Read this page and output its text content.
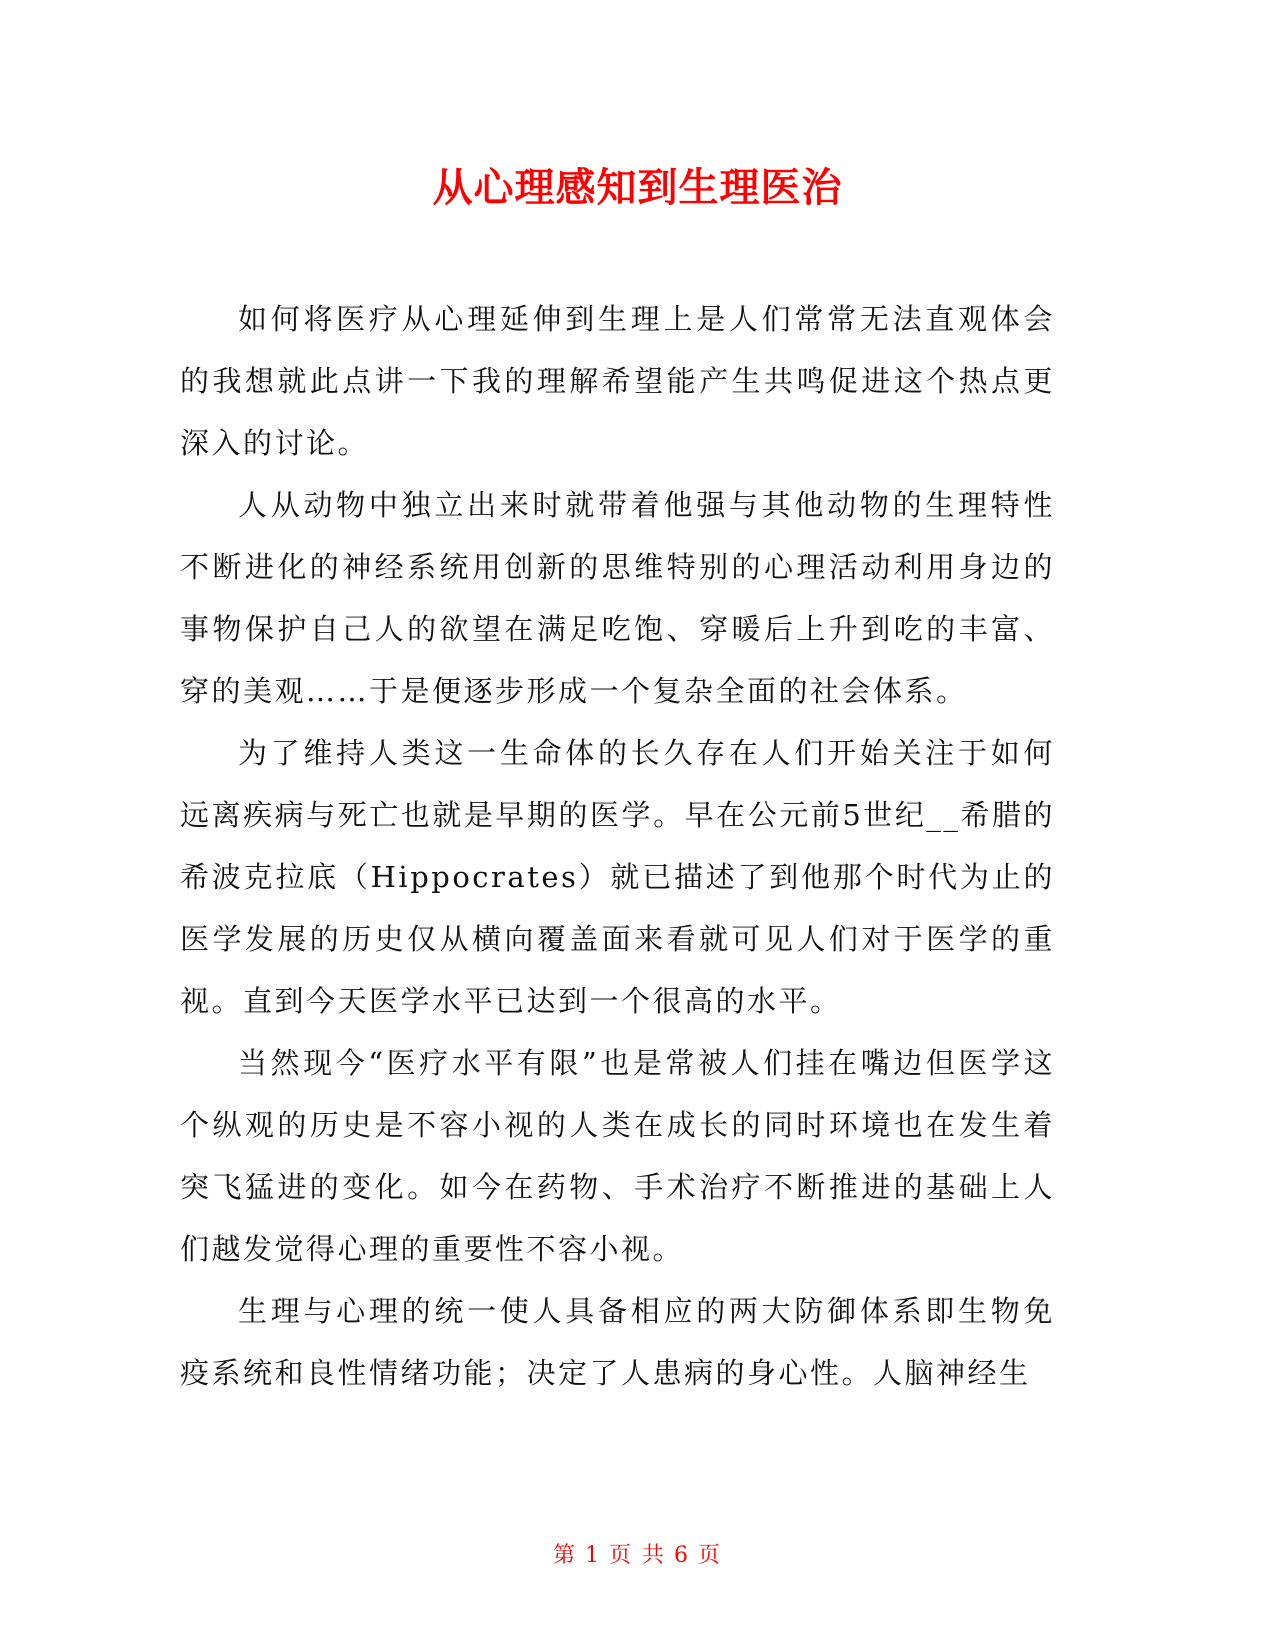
从心理感知到生理医治

如何将医疗从心理延伸到生理上是人们常常无法直观体会的我想就此点讲一下我的理解希望能产生共鸣促进这个热点更深入的讨论。

人从动物中独立出来时就带着他强与其他动物的生理特性不断进化的神经系统用创新的思维特别的心理活动利用身边的事物保护自己人的欲望在满足吃饱、穿暖后上升到吃的丰富、穿的美观……于是便逐步形成一个复杂全面的社会体系。

为了维持人类这一生命体的长久存在人们开始关注于如何远离疾病与死亡也就是早期的医学。早在公元前5世纪__希腊的希波克拉底（Hippocrates）就已描述了到他那个时代为止的医学发展的历史仅从横向覆盖面来看就可见人们对于医学的重视。直到今天医学水平已达到一个很高的水平。

当然现今“医疗水平有限”也是常被人们挂在嘴边但医学这个纵观的历史是不容小视的人类在成长的同时环境也在发生着突飞猛进的变化。如今在药物、手术治疗不断推进的基础上人们越发觉得心理的重要性不容小视。

生理与心理的统一使人具备相应的两大防御体系即生物免疫系统和良性情绪功能；决定了人患病的身心性。人脑神经生

第 1 页 共 6 页
